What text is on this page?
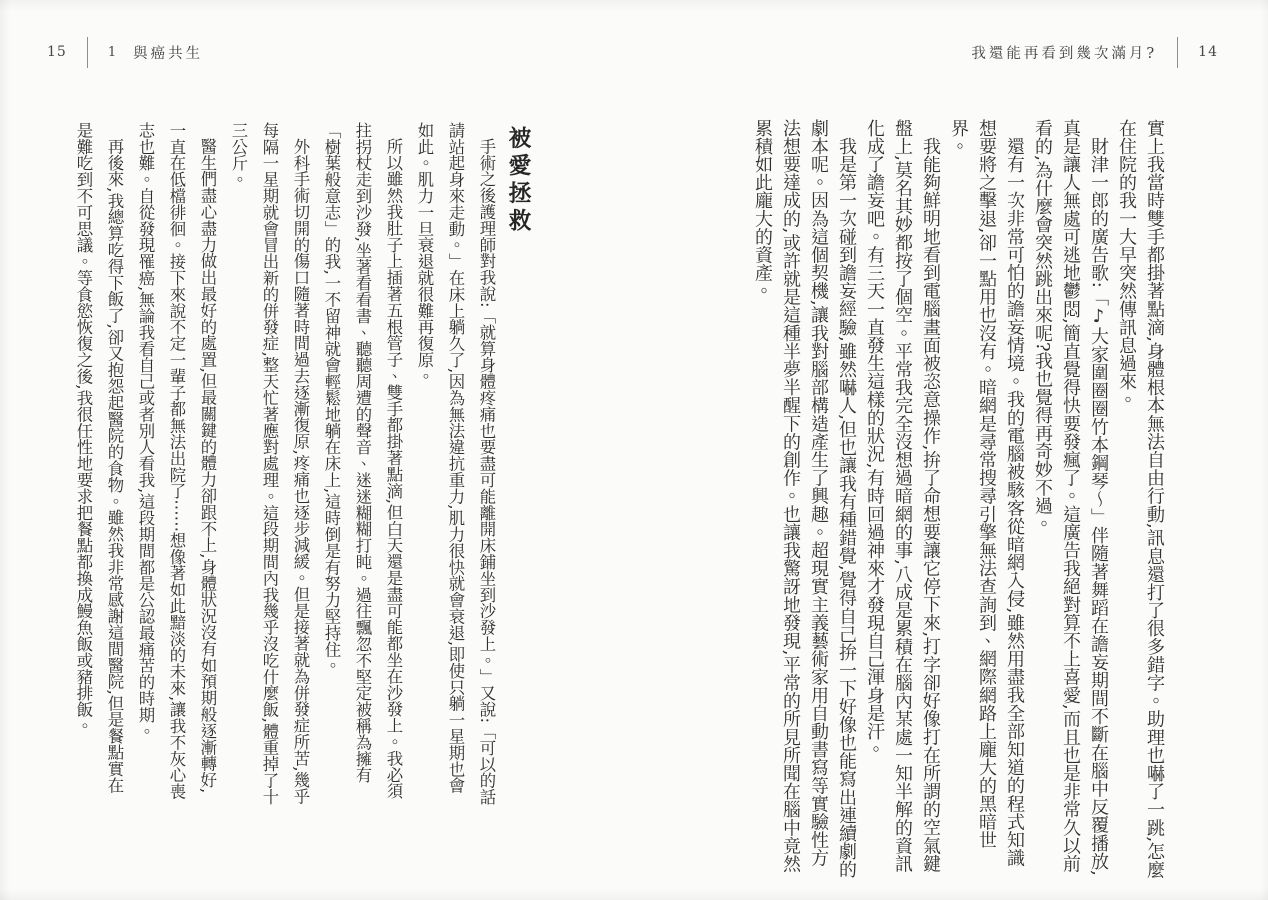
15	1 與癌共生	我還能再看到幾次滿月?	14

實上我當時雙手都掛著點滴,身體根本無法自由行動,訊息還打了很多錯字。助理也嚇了一跳,怎麼在住院的我一大早突然傳訊息過來。

財津一郎的廣告歌:「♪大家圍圈圈竹本鋼琴〜」伴隨著舞蹈在譫妄期間不斷在腦中反覆播放,真是讓人無處可逃地鬱悶,簡直覺得快要發瘋了。這廣告我絕對算不上喜愛,而且也是非常久以前看的,為什麼會突然跳出來呢?我也覺得再奇妙不過。

還有一次非常可怕的譫妄情境。我的電腦被駭客從暗網入侵,雖然用盡我全部知道的程式知識想要將之擊退,卻一點用也沒有。暗網是尋常搜尋引擎無法查詢到、網際網路上龐大的黑暗世界。

我能夠鮮明地看到電腦畫面被恣意操作,拚了命想要讓它停下來,打字卻好像打在所謂的空氣鍵盤上,莫名其妙都按了個空。平常我完全沒想過暗網的事,八成是累積在腦內某處一知半解的資訊化成了譫妄吧。有三天一直發生這樣的狀況,有時回過神來才發現自己渾身是汗。

我是第一次碰到譫妄經驗,雖然嚇人,但也讓我有種錯覺,覺得自己拚一下好像也能寫出連續劇的劇本呢。因為這個契機,讓我對腦部構造產生了興趣。超現實主義藝術家用自動書寫等實驗性方法想要達成的,或許就是這種半夢半醒下的創作。也讓我驚訝地發現,平常的所見所聞在腦中竟然累積如此龐大的資產。

被愛拯救

手術之後護理師對我說:「就算身體疼痛也要盡可能離開床鋪坐到沙發上。」又說:「可以的話請站起身來走動。」在床上躺久了,因為無法違抗重力,肌力很快就會衰退,即使只躺一星期也會如此。肌力一旦衰退就很難再復原。

所以雖然我肚子上插著五根管子、雙手都掛著點滴,但白天還是盡可能都坐在沙發上。我必須拄拐杖走到沙發,坐著看看書、聽聽周遭的聲音、迷迷糊糊打盹。過往飄忽不堅定被稱為擁有「樹葉般意志」的我,一不留神就會輕鬆地躺在床上,這時倒是有努力堅持住。

外科手術切開的傷口隨著時間過去逐漸復原,疼痛也逐步減緩。但是接著就為併發症所苦,幾乎每隔一星期就會冒出新的併發症,整天忙著應對處理。這段期間內我幾乎沒吃什麼飯,體重掉了十三公斤。

醫生們盡心盡力做出最好的處置,但最關鍵的體力卻跟不上,身體狀況沒有如預期般逐漸轉好,一直在低檔徘徊。接下來說不定一輩子都無法出院了⋯⋯想像著如此黯淡的未來,讓我不灰心喪志也難。自從發現罹癌,無論我看自己或者別人看我,這段期間都是公認最痛苦的時期。

再後來,我總算吃得下飯了,卻又抱怨起醫院的食物。雖然我非常感謝這間醫院,但是餐點實在是難吃到不可思議。等食慾恢復之後,我很任性地要求把餐點都換成鰻魚飯或豬排飯。
